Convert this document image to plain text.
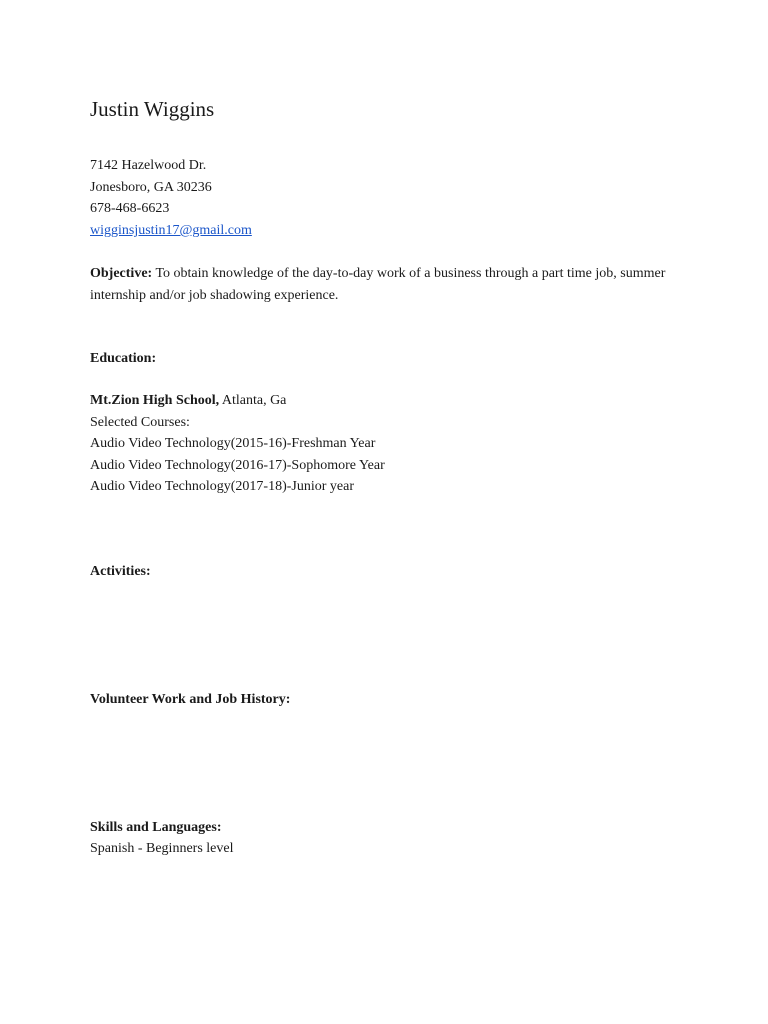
Justin Wiggins
7142 Hazelwood Dr.
Jonesboro, GA 30236
678-468-6623
wigginsjustin17@gmail.com
Objective: To obtain knowledge of the day-to-day work of a business through a part time job, summer internship and/or job shadowing experience.
Education:
Mt.Zion High School, Atlanta, Ga
Selected Courses:
Audio Video Technology(2015-16)-Freshman Year
Audio Video Technology(2016-17)-Sophomore Year
Audio Video Technology(2017-18)-Junior year
Activities:
Volunteer Work and Job History:
Skills and Languages:
Spanish - Beginners level
